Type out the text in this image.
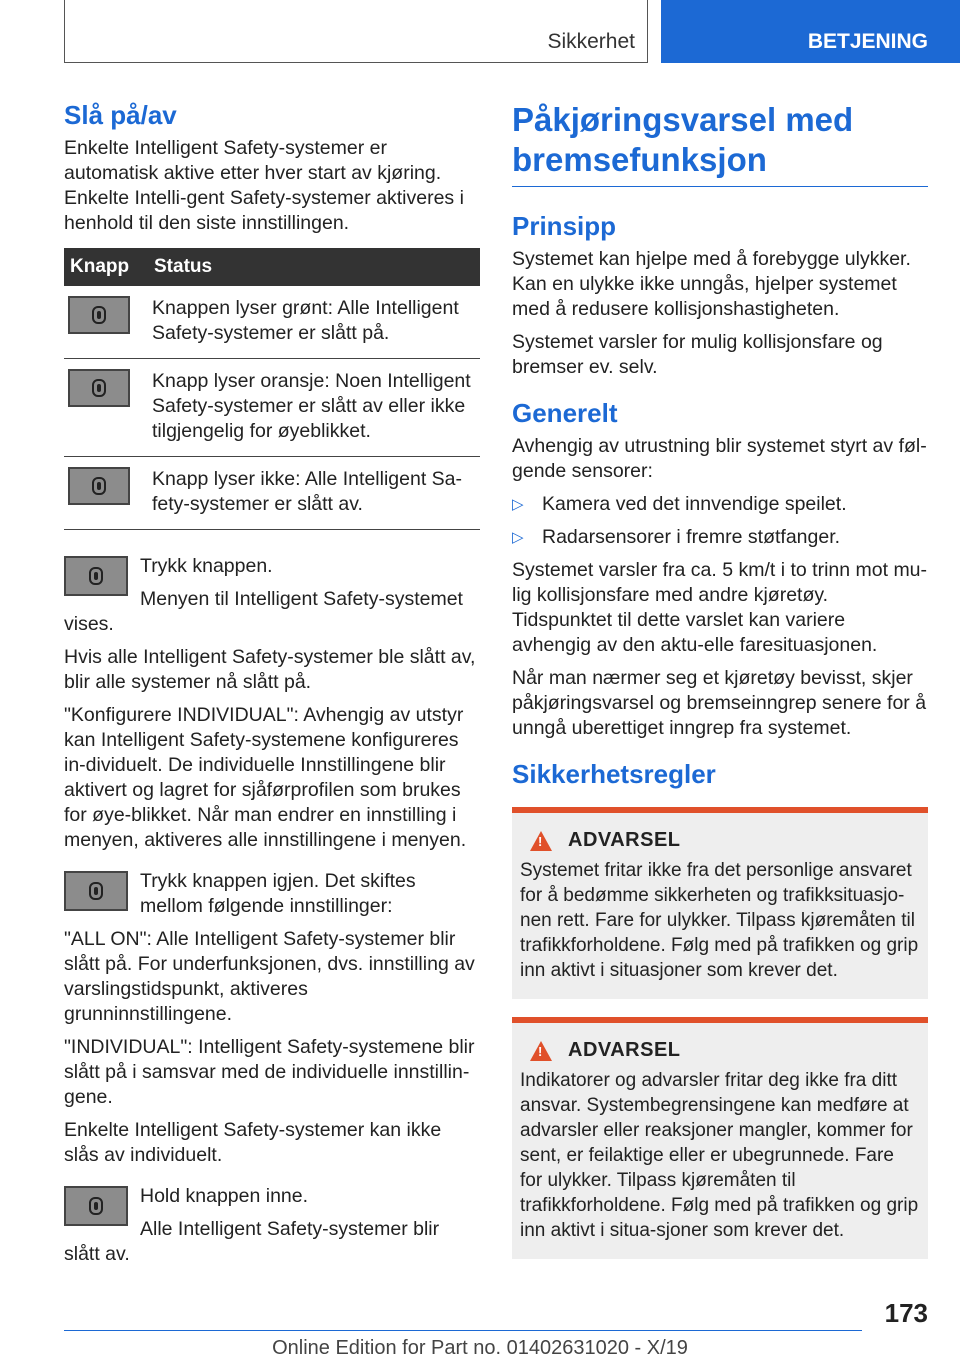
Sikkerhet	BETJENING
Slå på/av

Enkelte Intelligent Safety-systemer er automatisk aktive etter hver start av kjøring. Enkelte Intelli-gent Safety-systemer aktiveres i henhold til den siste innstillingen.

Knapp	Status

	Knappen lyser grønt: Alle Intelligent Safety-systemer er slått på.

	Knapp lyser oransje: Noen Intelligent Safety-systemer er slått av eller ikke tilgjengelig for øyeblikket.

	Knapp lyser ikke: Alle Intelligent Sa-fety-systemer er slått av.

Trykk knappen.

Menyen til Intelligent Safety-systemet vises.

Hvis alle Intelligent Safety-systemer ble slått av, blir alle systemer nå slått på.

"Konfigurere INDIVIDUAL": Avhengig av utstyr kan Intelligent Safety-systemene konfigureres in-dividuelt. De individuelle Innstillingene blir aktivert og lagret for sjåførprofilen som brukes for øye-blikket. Når man endrer en innstilling i menyen, aktiveres alle innstillingene i menyen.

Trykk knappen igjen. Det skiftes mellom følgende innstillinger:

"ALL ON": Alle Intelligent Safety-systemer blir slått på. For underfunksjonen, dvs. innstilling av varslingstidspunkt, aktiveres grunninnstillingene.

"INDIVIDUAL": Intelligent Safety-systemene blir slått på i samsvar med de individuelle innstillin-gene.

Enkelte Intelligent Safety-systemer kan ikke slås av individuelt.

Hold knappen inne.

Alle Intelligent Safety-systemer blir slått av.

Påkjøringsvarsel med bremsefunksjon
Prinsipp

Systemet kan hjelpe med å forebygge ulykker. Kan en ulykke ikke unngås, hjelper systemet med å redusere kollisjonshastigheten.

Systemet varsler for mulig kollisjonsfare og bremser ev. selv.

Generelt

Avhengig av utrustning blir systemet styrt av føl-gende sensorer:

▷ Kamera ved det innvendige speilet.
▷ Radarsensorer i fremre støtfanger.

Systemet varsler fra ca. 5 km/t i to trinn mot mu-lig kollisjonsfare med andre kjøretøy. Tidspunktet til dette varslet kan variere avhengig av den aktu-elle faresituasjonen.

Når man nærmer seg et kjøretøy bevisst, skjer påkjøringsvarsel og bremseinngrep senere for å unngå uberettiget inngrep fra systemet.

Sikkerhetsregler
!
ADVARSEL

Systemet fritar ikke fra det personlige ansvaret for å bedømme sikkerheten og trafikksituasjo-nen rett. Fare for ulykker. Tilpass kjøremåten til trafikkforholdene. Følg med på trafikken og grip inn aktivt i situasjoner som krever det.

!
ADVARSEL

Indikatorer og advarsler fritar deg ikke fra ditt ansvar. Systembegrensingene kan medføre at advarsler eller reaksjoner mangler, kommer for sent, er feilaktige eller er ubegrunnede. Fare for ulykker. Tilpass kjøremåten til trafikkforholdene. Følg med på trafikken og grip inn aktivt i situa-sjoner som krever det.

173
Online Edition for Part no. 01402631020 - X/19
